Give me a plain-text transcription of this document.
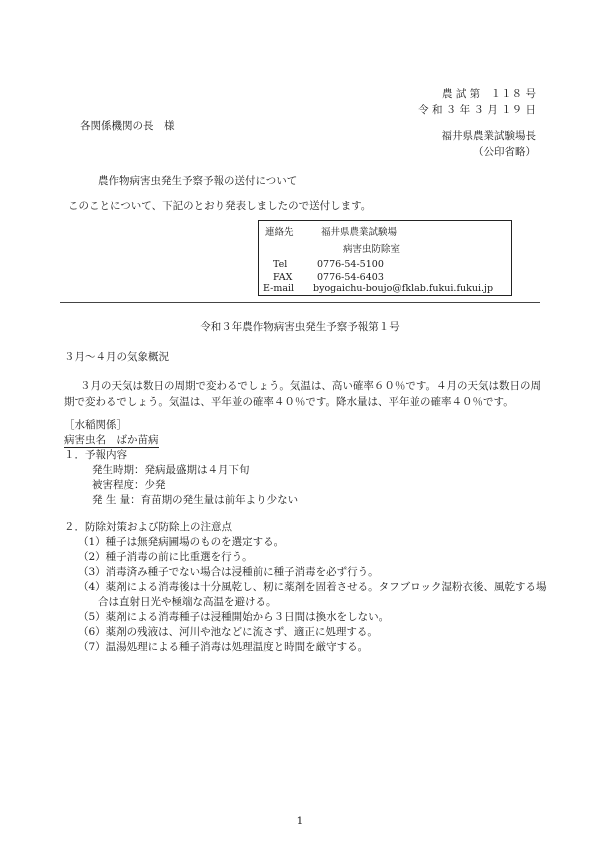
農 試 第　１１８ 号
令 和 ３ 年 ３ 月 １９ 日
各関係機関の長　様
福井県農業試験場長
（公印省略）
農作物病害虫発生予察予報の送付について
このことについて、下記のとおり発表しましたので送付します。
連絡先	福井県農業試験場
病害虫防除室
Tel	0776-54-5100
FAX	0776-54-6403
E-mail byogaichu-boujo@fklab.fukui.fukui.jp
令和３年農作物病害虫発生予察予報第１号
３月～４月の気象概況
３月の天気は数日の周期で変わるでしょう。気温は、高い確率６０％です。４月の天気は数日の周
期で変わるでしょう。気温は、平年並の確率４０％です。降水量は、平年並の確率４０％です。
［水稲関係］
病害虫名　ばか苗病
１．予報内容
発生時期：発病最盛期は４月下旬
被害程度：少発
発 生 量：育苗期の発生量は前年より少ない
２．防除対策および防除上の注意点
（1）種子は無発病圃場のものを選定する。
（2）種子消毒の前に比重選を行う。
（3）消毒済み種子でない場合は浸種前に種子消毒を必ず行う。
（4）薬剤による消毒後は十分風乾し、籾に薬剤を固着させる。タフブロック湿粉衣後、風乾する場
合は直射日光や極端な高温を避ける。
（5）薬剤による消毒種子は浸種開始から３日間は換水をしない。
（6）薬剤の残液は、河川や池などに流さず、適正に処理する。
（7）温湯処理による種子消毒は処理温度と時間を厳守する。
1
